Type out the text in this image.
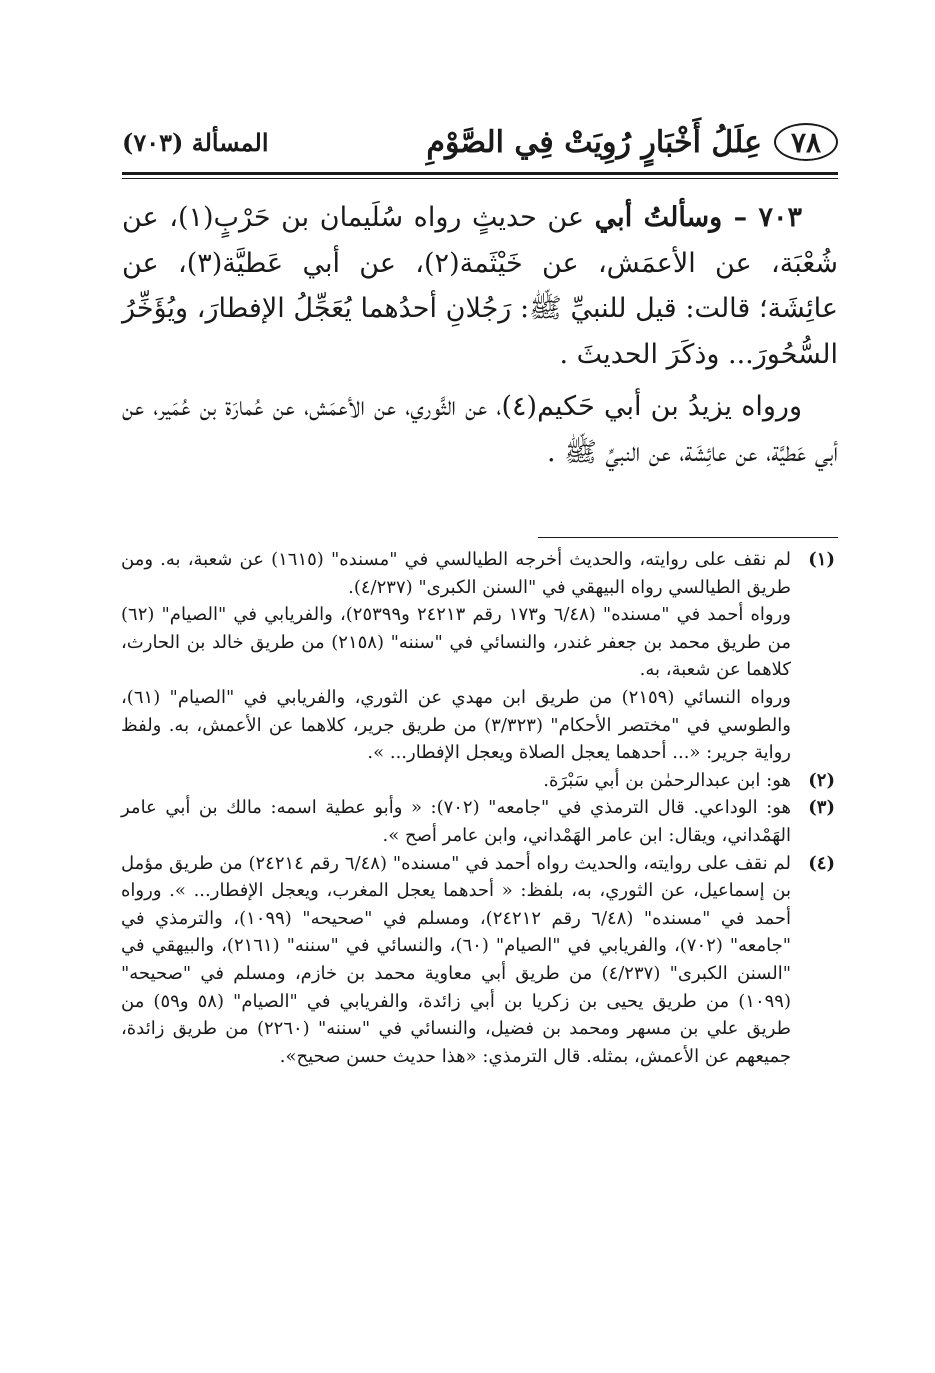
٧٨
عِلَلُ أَخْبَارٍ رُوِيَتْ فِي الصَّوْمِ
المسألة (٧٠٣)

٧٠٣ – وسألتُ أبي عن حديثٍ رواه سُلَيمان بن حَرْبٍ(١)، عن شُعْبَة، عن الأعمَش، عن خَيْثَمة(٢)، عن أبي عَطيَّة(٣)، عن عائِشَة؛ قالت: قيل للنبيِّ ﷺ: رَجُلانِ أحدُهما يُعَجِّلُ الإفطارَ، ويُؤَخِّرُ السُّحُورَ... وذكَرَ الحديثَ .

ورواه يزيدُ بن أبي حَكيم(٤)، عن الثَّوري، عن الأعمَش، عن عُمارَة بن عُمَير، عن أبي عَطيَّة، عن عائِشَة، عن النبيِّ ﷺ .

(١)

لم نقف على روايته، والحديث أخرجه الطيالسي في "مسنده" (١٦١٥) عن شعبة، به. ومن طريق الطيالسي رواه البيهقي في "السنن الكبرى" (٤/٢٣٧).

ورواه أحمد في "مسنده" (٦/٤٨ و١٧٣ رقم ٢٤٢١٣ و٢٥٣٩٩)، والفريابي في "الصيام" (٦٢) من طريق محمد بن جعفر غندر، والنسائي في "سننه" (٢١٥٨) من طريق خالد بن الحارث، كلاهما عن شعبة، به.

ورواه النسائي (٢١٥٩) من طريق ابن مهدي عن الثوري، والفريابي في "الصيام" (٦١)، والطوسي في "مختصر الأحكام" (٣/٣٢٣) من طريق جرير، كلاهما عن الأعمش، به. ولفظ رواية جرير: «... أحدهما يعجل الصلاة ويعجل الإفطار... ».

(٢)

هو: ابن عبدالرحمٰن بن أبي سَبْرَة.

(٣)

هو: الوداعي. قال الترمذي في "جامعه" (٧٠٢): « وأبو عطية اسمه: مالك بن أبي عامر الهَمْداني، ويقال: ابن عامر الهَمْداني، وابن عامر أصح ».

(٤)

لم نقف على روايته، والحديث رواه أحمد في "مسنده" (٦/٤٨ رقم ٢٤٢١٤) من طريق مؤمل بن إسماعيل، عن الثوري، به، بلفظ: « أحدهما يعجل المغرب، ويعجل الإفطار... ». ورواه أحمد في "مسنده" (٦/٤٨ رقم ٢٤٢١٢)، ومسلم في "صحيحه" (١٠٩٩)، والترمذي في "جامعه" (٧٠٢)، والفريابي في "الصيام" (٦٠)، والنسائي في "سننه" (٢١٦١)، والبيهقي في "السنن الكبرى" (٤/٢٣٧) من طريق أبي معاوية محمد بن خازم، ومسلم في "صحيحه" (١٠٩٩) من طريق يحيى بن زكريا بن أبي زائدة، والفريابي في "الصيام" (٥٨ و٥٩) من طريق علي بن مسهر ومحمد بن فضيل، والنسائي في "سننه" (٢٢٦٠) من طريق زائدة، جميعهم عن الأعمش، بمثله. قال الترمذي: «هذا حديث حسن صحيح».
